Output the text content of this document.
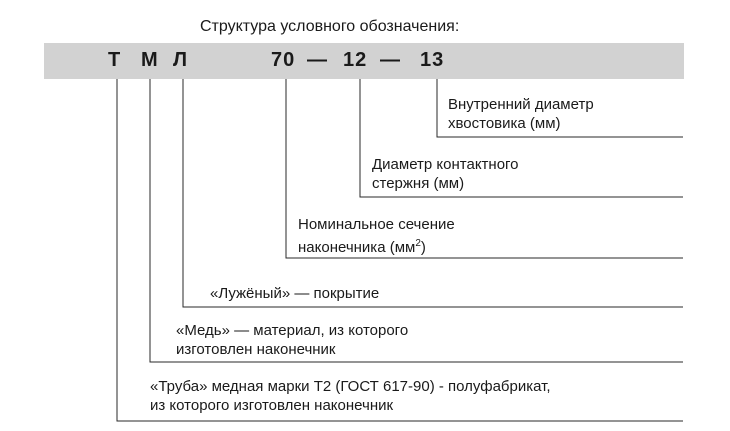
Структура условного обозначения:
Т М Л	70 — 12 — 13
Внутренний диаметр
хвостовика (мм)
Диаметр контактного
стержня (мм)
Номинальное сечение
наконечника $(мм^2)$
«Лужёный» — покрытие
«Медь» — материал, из которого
изготовлен наконечник
«Труба» медная марки Т2 (ГОСТ 617-90) - полуфабрикат,
из которого изготовлен наконечник
